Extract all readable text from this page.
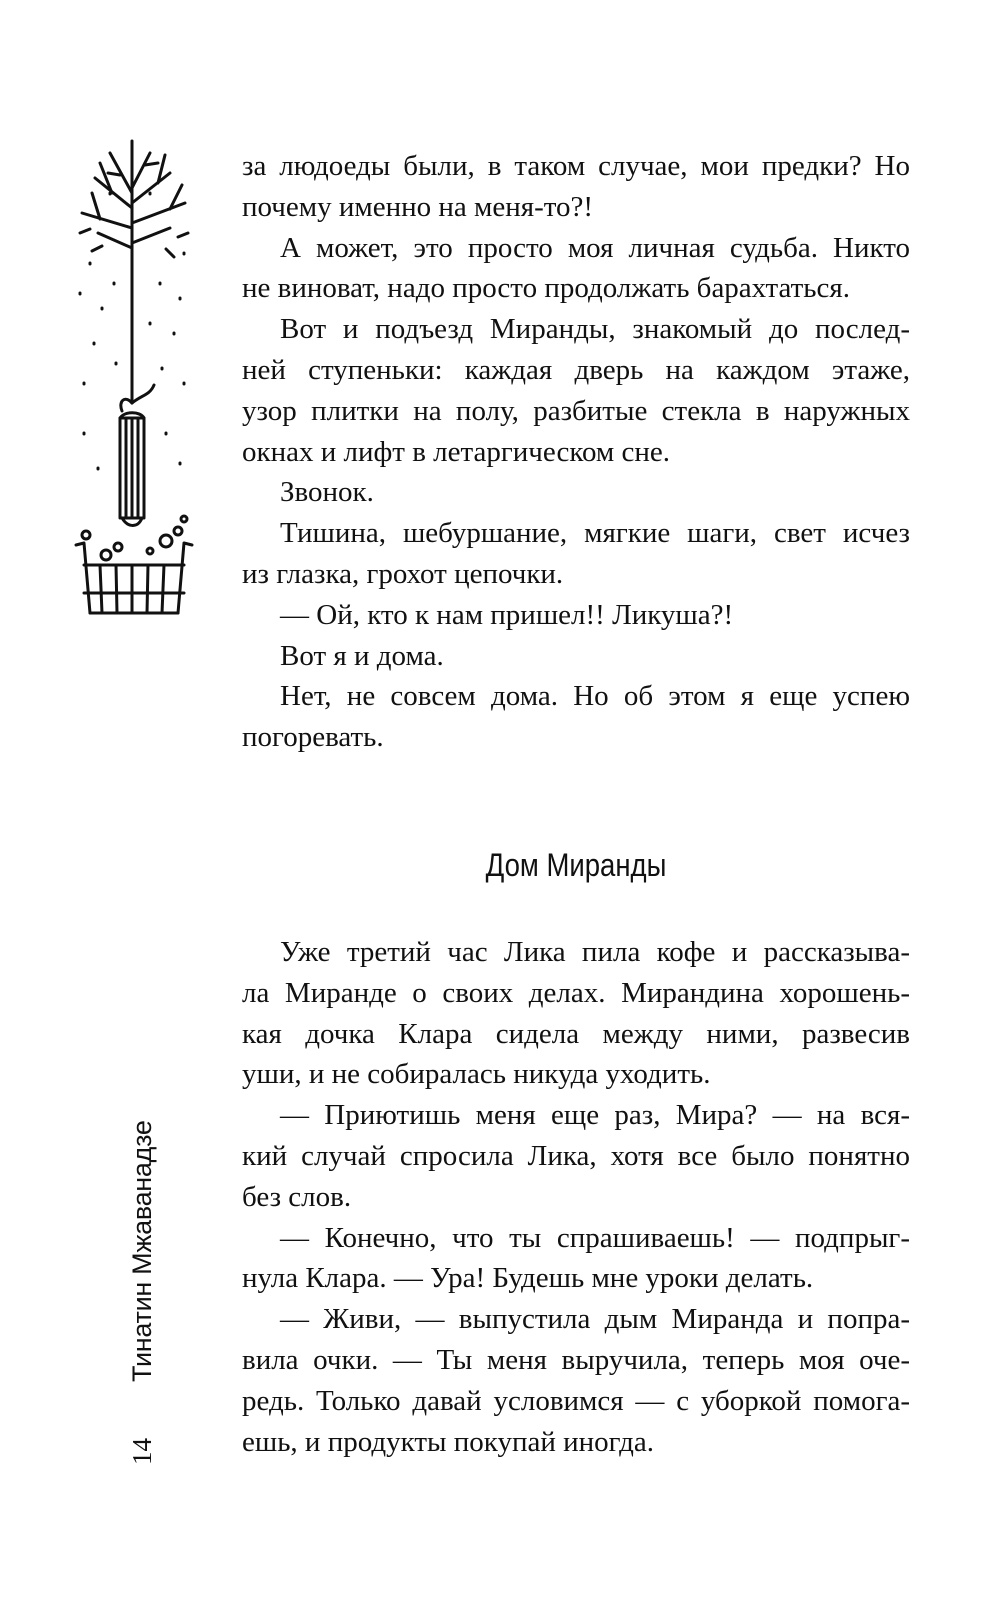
за людоеды были, в таком случае, мои предки? Но
почему именно на меня-то?!
А может, это просто моя личная судьба. Никто
не виноват, надо просто продолжать барахтаться.
Вот и подъезд Миранды, знакомый до послед-
ней ступеньки: каждая дверь на каждом этаже,
узор плитки на полу, разбитые стекла в наружных
окнах и лифт в летаргическом сне.
Звонок.
Тишина, шебуршание, мягкие шаги, свет исчез
из глазка, грохот цепочки.
— Ой, кто к нам пришел!! Ликуша?!
Вот я и дома.
Нет, не совсем дома. Но об этом я еще успею
погоревать.
Дом Миранды
Уже третий час Лика пила кофе и рассказыва-
ла Миранде о своих делах. Мирандина хорошень-
кая дочка Клара сидела между ними, развесив
уши, и не собиралась никуда уходить.
— Приютишь меня еще раз, Мира? — на вся-
кий случай спросила Лика, хотя все было понятно
без слов.
— Конечно, что ты спрашиваешь! — подпрыг-
нула Клара. — Ура! Будешь мне уроки делать.
— Живи, — выпустила дым Миранда и попра-
вила очки. — Ты меня выручила, теперь моя оче-
редь. Только давай условимся — с уборкой помога-
ешь, и продукты покупай иногда.
14
Тинатин Мжаванадзе
